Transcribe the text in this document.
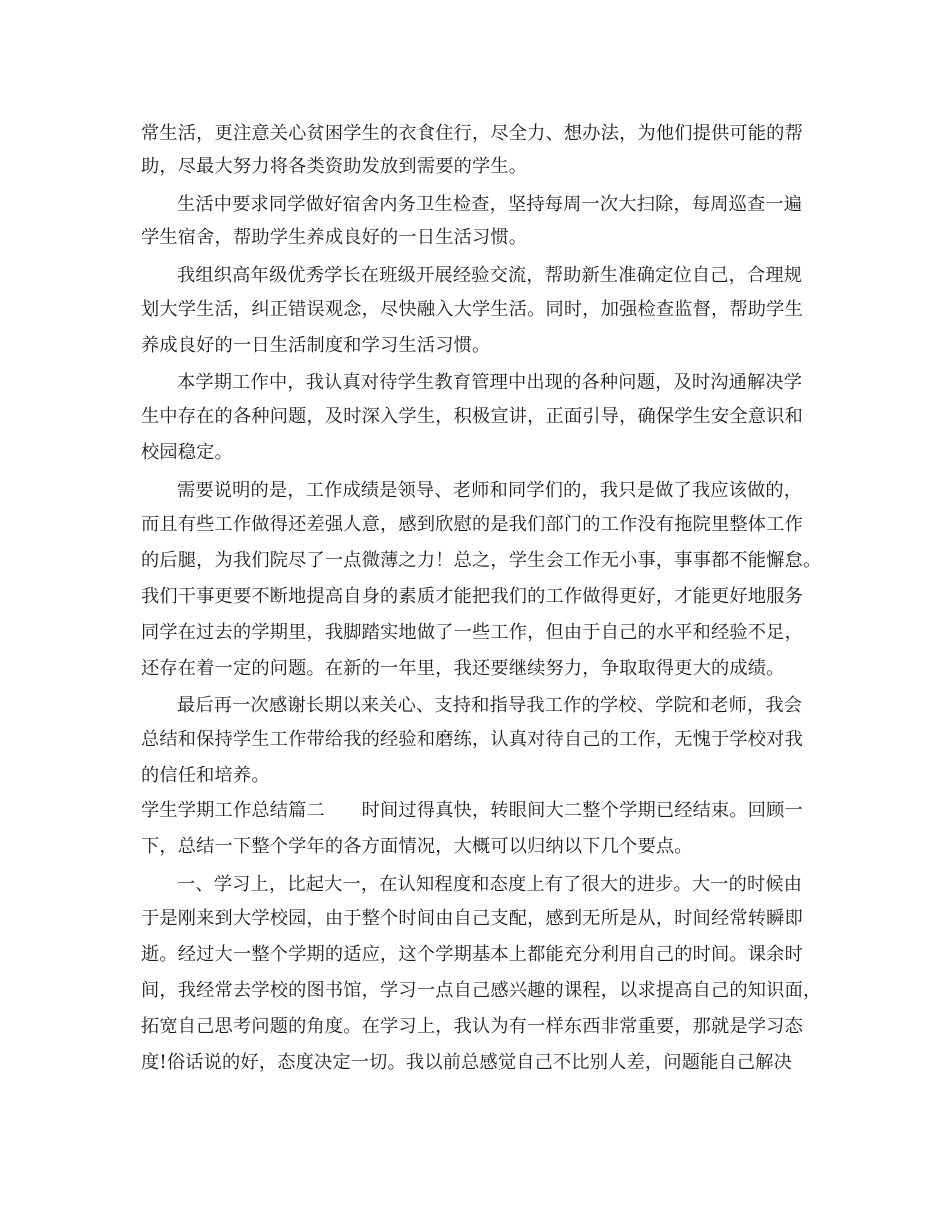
常生活，更注意关心贫困学生的衣食住行，尽全力、想办法，为他们提供可能的帮
助，尽最大努力将各类资助发放到需要的学生。
生活中要求同学做好宿舍内务卫生检查，坚持每周一次大扫除，每周巡查一遍
学生宿舍，帮助学生养成良好的一日生活习惯。
我组织高年级优秀学长在班级开展经验交流，帮助新生准确定位自己，合理规
划大学生活，纠正错误观念，尽快融入大学生活。同时，加强检查监督，帮助学生
养成良好的一日生活制度和学习生活习惯。
本学期工作中，我认真对待学生教育管理中出现的各种问题，及时沟通解决学
生中存在的各种问题，及时深入学生，积极宣讲，正面引导，确保学生安全意识和
校园稳定。
需要说明的是，工作成绩是领导、老师和同学们的，我只是做了我应该做的，
而且有些工作做得还差强人意，感到欣慰的是我们部门的工作没有拖院里整体工作
的后腿，为我们院尽了一点微薄之力！总之，学生会工作无小事，事事都不能懈怠。
我们干事更要不断地提高自身的素质才能把我们的工作做得更好，才能更好地服务
同学在过去的学期里，我脚踏实地做了一些工作，但由于自己的水平和经验不足，
还存在着一定的问题。在新的一年里，我还要继续努力，争取取得更大的成绩。
最后再一次感谢长期以来关心、支持和指导我工作的学校、学院和老师，我会
总结和保持学生工作带给我的经验和磨练，认真对待自己的工作，无愧于学校对我
的信任和培养。
学生学期工作总结篇二　　时间过得真快，转眼间大二整个学期已经结束。回顾一
下，总结一下整个学年的各方面情况，大概可以归纳以下几个要点。
一、学习上，比起大一，在认知程度和态度上有了很大的进步。大一的时候由
于是刚来到大学校园，由于整个时间由自己支配，感到无所是从，时间经常转瞬即
逝。经过大一整个学期的适应，这个学期基本上都能充分利用自己的时间。课余时
间，我经常去学校的图书馆，学习一点自己感兴趣的课程，以求提高自己的知识面，
拓宽自己思考问题的角度。在学习上，我认为有一样东西非常重要，那就是学习态
度!俗话说的好，态度决定一切。我以前总感觉自己不比别人差，问题能自己解决
